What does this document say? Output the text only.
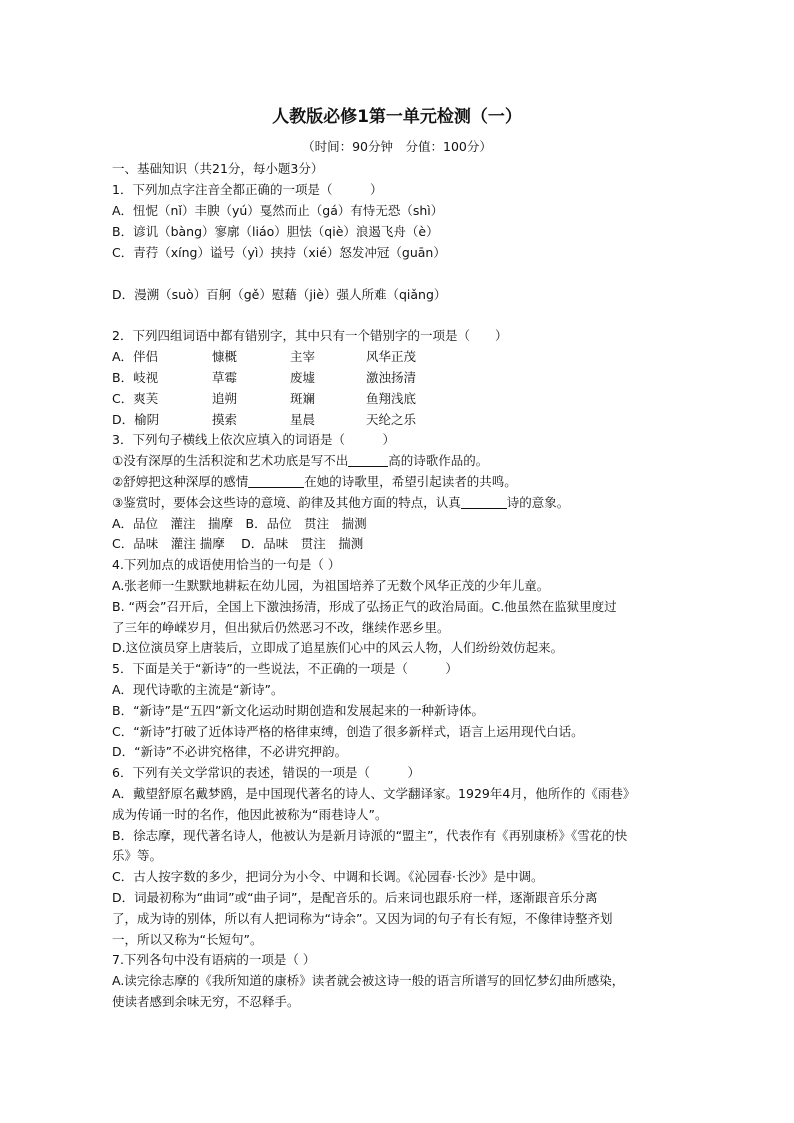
人教版必修1第一单元检测（一）
（时间：90分钟　分值：100分）
一、基础知识（共21分，每小题3分）
1．下列加点字注音全都正确的一项是（　　　）
A．忸怩（nǐ）丰腴（yú）戛然而止（gá）有恃无恐（shì）
B．谚讥（bàng）寥廓（liáo）胆怯（qiè）浪遏飞舟（è）
C．青荇（xíng）谥号（yì）挟持（xié）怒发冲冠（guān）
D．漫溯（suò）百舸（gě）慰藉（jiè）强人所难（qiǎng）
2．下列四组词语中都有错别字，其中只有一个错别字的一项是（　　）
A．伴侣	慷概	主宰	风华正茂
B．岐视	草霉	废墟	激浊扬清
C．爽芙	追朔	斑斓	鱼翔浅底
D．榆阴	摸索	星晨	天纶之乐
3．下列句子横线上依次应填入的词语是（　　　）
①没有深厚的生活积淀和艺术功底是写不出	高的诗歌作品的。
②舒婷把这种深厚的感情	在她的诗歌里，希望引起读者的共鸣。
③鉴赏时，要体会这些诗的意境、韵律及其他方面的特点，认真	诗的意象。
A．品位　灌注　揣摩　B．品位　贯注　揣测
C．品味　灌注 揣摩　 D．品味　贯注　揣测
4.下列加点的成语使用恰当的一句是（ ）
A.张老师一生默默地耕耘在幼儿园，为祖国培养了无数个风华正茂的少年儿童。
B. “两会”召开后，全国上下激浊扬清，形成了弘扬正气的政治局面。C.他虽然在监狱里度过
了三年的峥嵘岁月，但出狱后仍然恶习不改，继续作恶乡里。
D.这位演员穿上唐装后，立即成了追星族们心中的风云人物，人们纷纷效仿起来。
5．下面是关于“新诗”的一些说法，不正确的一项是（　　　）
A．现代诗歌的主流是“新诗”。
B．“新诗”是“五四”新文化运动时期创造和发展起来的一种新诗体。
C．“新诗”打破了近体诗严格的格律束缚，创造了很多新样式，语言上运用现代白话。
D．“新诗”不必讲究格律，不必讲究押韵。
6．下列有关文学常识的表述，错误的一项是（　　　）
A．戴望舒原名戴梦鸥，是中国现代著名的诗人、文学翻译家。1929年4月，他所作的《雨巷》
成为传诵一时的名作，他因此被称为“雨巷诗人”。
B．徐志摩，现代著名诗人，他被认为是新月诗派的“盟主”，代表作有《再别康桥》《雪花的快
乐》等。
C．古人按字数的多少，把词分为小令、中调和长调。《沁园春·长沙》是中调。
D．词最初称为“曲词”或“曲子词”，是配音乐的。后来词也跟乐府一样，逐渐跟音乐分离
了，成为诗的别体，所以有人把词称为“诗余”。又因为词的句子有长有短，不像律诗整齐划
一，所以又称为“长短句”。
7.下列各句中没有语病的一项是（ ）
A.读完徐志摩的《我所知道的康桥》读者就会被这诗一般的语言所谱写的回忆梦幻曲所感染，
使读者感到余味无穷，不忍释手。
